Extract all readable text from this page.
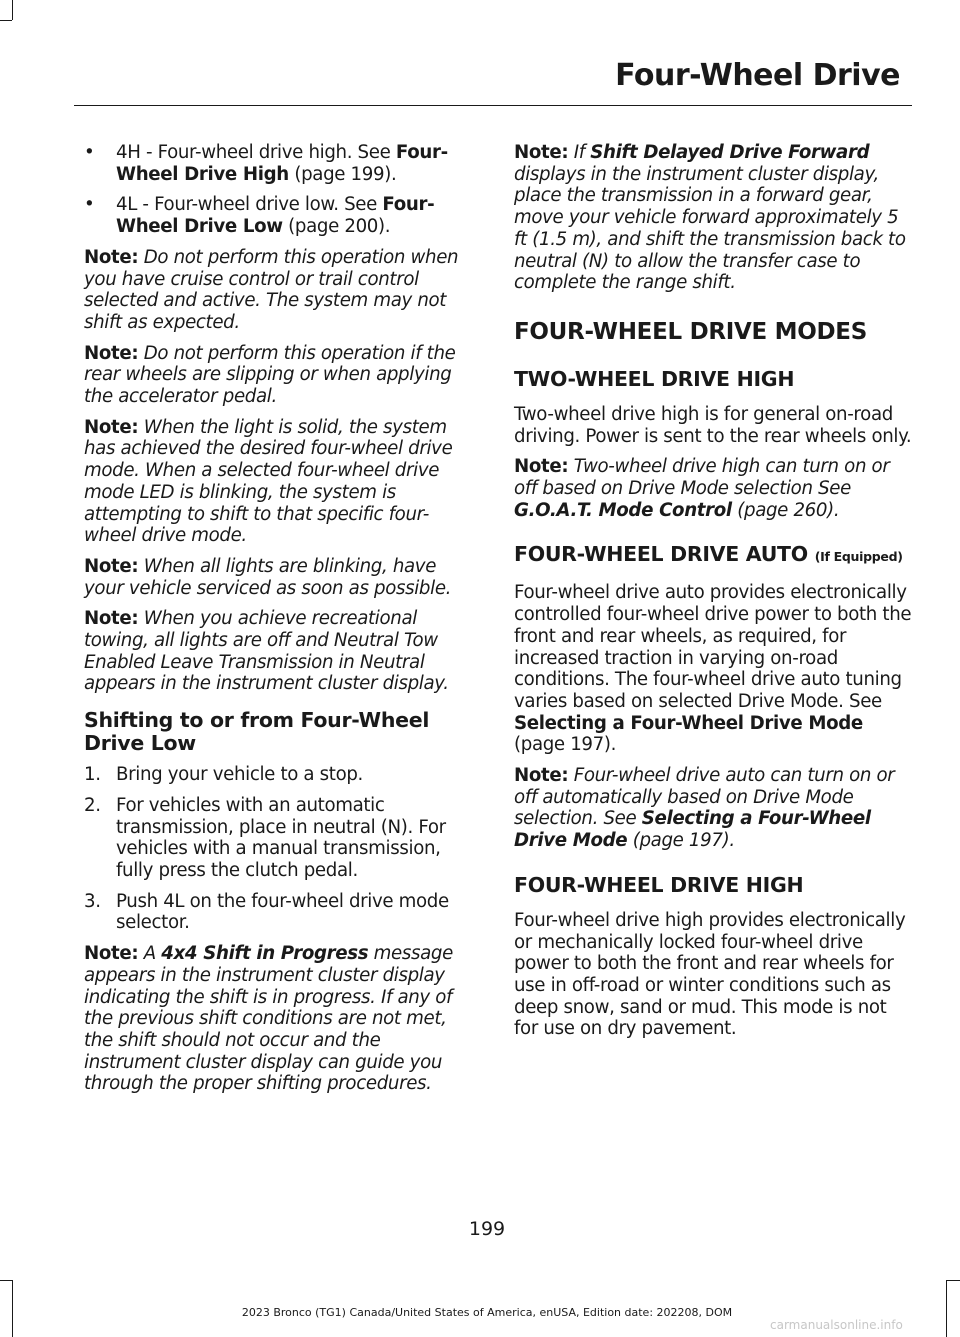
Four-Wheel Drive
• 4H - Four-wheel drive high. See Four-Wheel Drive High (page 199).
• 4L - Four-wheel drive low. See Four-Wheel Drive Low (page 200).

Note: Do not perform this operation when you have cruise control or trail control selected and active. The system may not shift as expected.

Note: Do not perform this operation if the rear wheels are slipping or when applying the accelerator pedal.

Note: When the light is solid, the system has achieved the desired four-wheel drive mode. When a selected four-wheel drive mode LED is blinking, the system is attempting to shift to that specific four-wheel drive mode.

Note: When all lights are blinking, have your vehicle serviced as soon as possible.

Note: When you achieve recreational towing, all lights are off and Neutral Tow Enabled Leave Transmission in Neutral appears in the instrument cluster display.

Shifting to or from Four-Wheel Drive Low
1. Bring your vehicle to a stop.
2. For vehicles with an automatic transmission, place in neutral (N). For vehicles with a manual transmission, fully press the clutch pedal.
3. Push 4L on the four-wheel drive mode selector.

Note: A 4x4 Shift in Progress message appears in the instrument cluster display indicating the shift is in progress. If any of the previous shift conditions are not met, the shift should not occur and the instrument cluster display can guide you through the proper shifting procedures.

Note: If Shift Delayed Drive Forward displays in the instrument cluster display, place the transmission in a forward gear, move your vehicle forward approximately 5 ft (1.5 m), and shift the transmission back to neutral (N) to allow the transfer case to complete the range shift.

FOUR-WHEEL DRIVE MODES
TWO-WHEEL DRIVE HIGH

Two-wheel drive high is for general on-road driving. Power is sent to the rear wheels only.

Note: Two-wheel drive high can turn on or off based on Drive Mode selection See G.O.A.T. Mode Control (page 260).

FOUR-WHEEL DRIVE AUTO (If Equipped)

Four-wheel drive auto provides electronically controlled four-wheel drive power to both the front and rear wheels, as required, for increased traction in varying on-road conditions. The four-wheel drive auto tuning varies based on selected Drive Mode. See Selecting a Four-Wheel Drive Mode (page 197).

Note: Four-wheel drive auto can turn on or off automatically based on Drive Mode selection. See Selecting a Four-Wheel Drive Mode (page 197).

FOUR-WHEEL DRIVE HIGH

Four-wheel drive high provides electronically or mechanically locked four-wheel drive power to both the front and rear wheels for use in off-road or winter conditions such as deep snow, sand or mud. This mode is not for use on dry pavement.

199
2023 Bronco (TG1) Canada/United States of America, enUSA, Edition date: 202208, DOM
carmanualsonline.info
